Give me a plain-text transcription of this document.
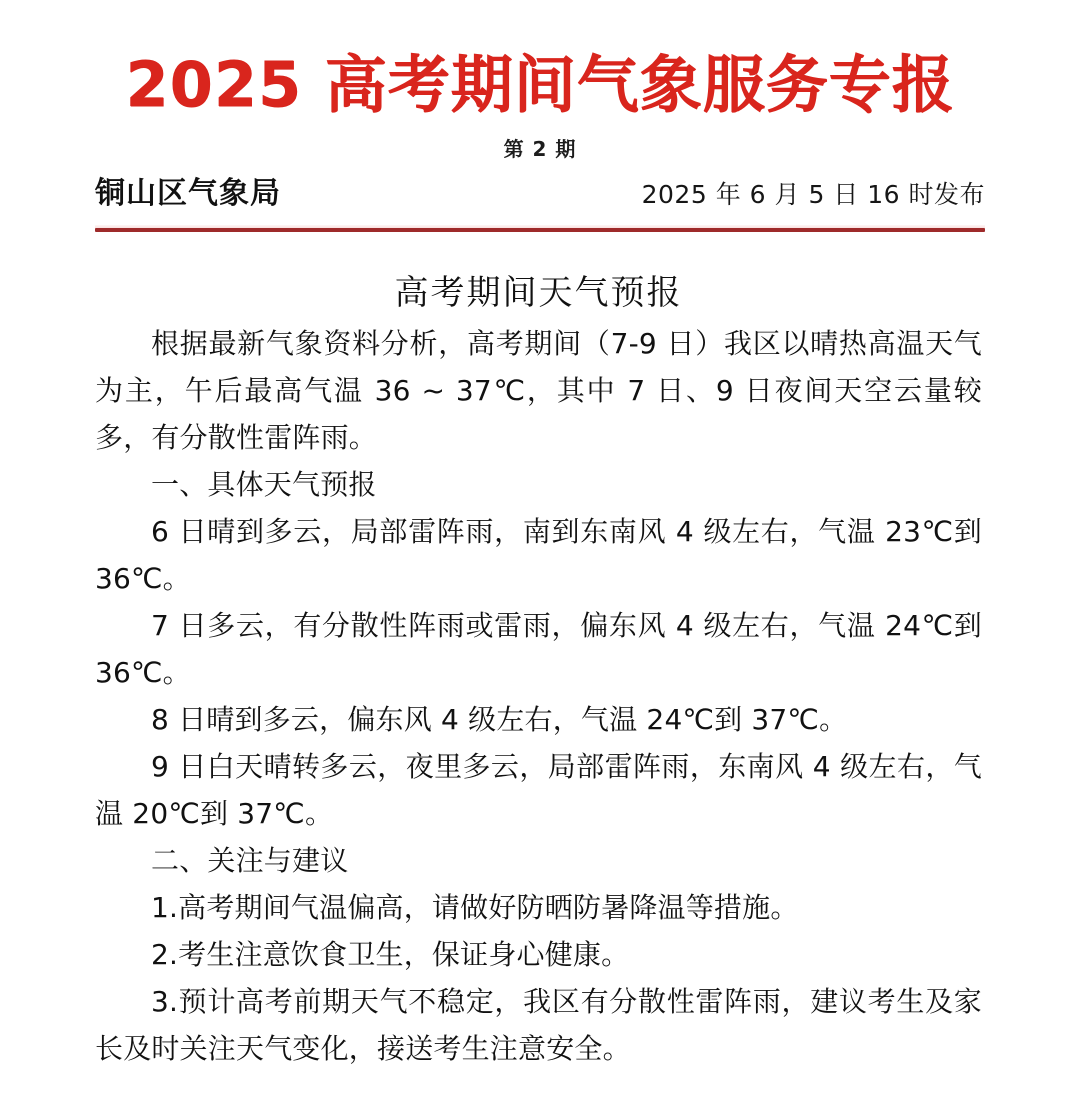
2025 高考期间气象服务专报
第 2 期
铜山区气象局	2025 年 6 月 5 日 16 时发布
高考期间天气预报

根据最新气象资料分析，高考期间（7-9 日）我区以晴热高温天气为主，午后最高气温 36 ~ 37℃，其中 7 日、9 日夜间天空云量较多，有分散性雷阵雨。

一、具体天气预报

6 日晴到多云，局部雷阵雨，南到东南风 4 级左右，气温 23℃到 36℃。

7 日多云，有分散性阵雨或雷雨，偏东风 4 级左右，气温 24℃到 36℃。

8 日晴到多云，偏东风 4 级左右，气温 24℃到 37℃。

9 日白天晴转多云，夜里多云，局部雷阵雨，东南风 4 级左右，气温 20℃到 37℃。

二、关注与建议

1.高考期间气温偏高，请做好防晒防暑降温等措施。

2.考生注意饮食卫生，保证身心健康。

3.预计高考前期天气不稳定，我区有分散性雷阵雨，建议考生及家长及时关注天气变化，接送考生注意安全。
